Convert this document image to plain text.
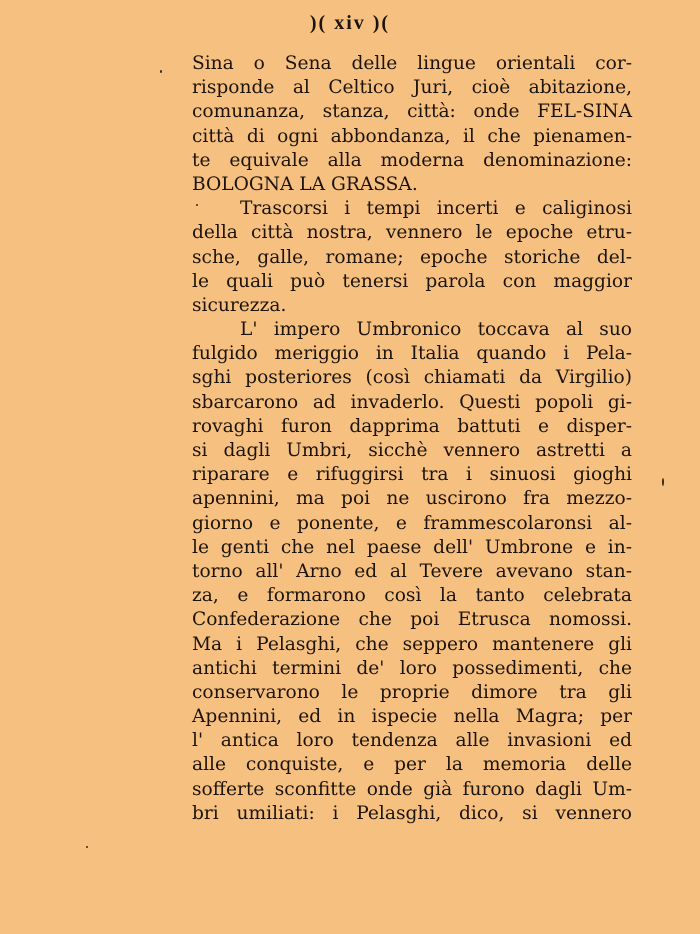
)( xiv )(
Sina o Sena delle lingue orientali cor-
risponde al Celtico Juri, cioè abitazione,
comunanza, stanza, città: onde FEL-SINA
città di ogni abbondanza, il che pienamen-
te equivale alla moderna denominazione:
BOLOGNA LA GRASSA.
Trascorsi i tempi incerti e caliginosi
della città nostra, vennero le epoche etru-
sche, galle, romane; epoche storiche del-
le quali può tenersi parola con maggior
sicurezza.
L' impero Umbronico toccava al suo
fulgido meriggio in Italia quando i Pela-
sghi posteriores (così chiamati da Virgilio)
sbarcarono ad invaderlo. Questi popoli gi-
rovaghi furon dapprima battuti e disper-
si dagli Umbri, sicchè vennero astretti a
riparare e rifuggirsi tra i sinuosi gioghi
apennini, ma poi ne uscirono fra mezzo-
giorno e ponente, e frammescolaronsi al-
le genti che nel paese dell' Umbrone e in-
torno all' Arno ed al Tevere avevano stan-
za, e formarono così la tanto celebrata
Confederazione che poi Etrusca nomossi.
Ma i Pelasghi, che seppero mantenere gli
antichi termini de' loro possedimenti, che
conservarono le proprie dimore tra gli
Apennini, ed in ispecie nella Magra; per
l' antica loro tendenza alle invasioni ed
alle conquiste, e per la memoria delle
sofferte sconfitte onde già furono dagli Um-
bri umiliati: i Pelasghi, dico, si vennero
